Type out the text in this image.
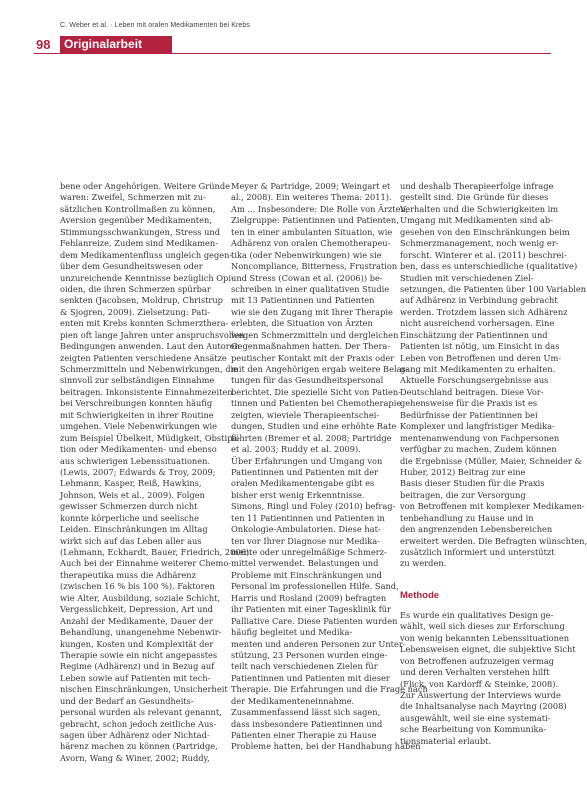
C. Weber et al. · Leben mit oralen Medikamenten bei Krebs
98	Originalarbeit
bene oder Angehörigen. Weitere Gründe
waren: Zweifel, Schmerzen mit zu-
sätzlichen Kontrollmaßen zu können,
Aversion gegenüber Medikamenten,
Stimmungsschwankungen, Stress und
Fehlanreize. Zudem sind Medikamen-
dem Medikamentenfluss ungleich gegen-
über dem Gesundheitswesen oder
unzureichende Kenntnisse bezüglich Opi-
oiden, die ihren Schmerzen spürbar
senkten (Jacobsen, Moldrup, Christrup
& Sjogren, 2009). Zielsetzung: Pati-
enten mit Krebs konnten Schmerzthera-
pien oft lange Jahren unter anspruchsvollen
Bedingungen anwenden. Laut den Autoren
zeigten Patienten verschiedene Ansätze
Schmerzmitteln und Nebenwirkungen, die
sinnvoll zur selbständigen Einnahme
beitragen. Inkonsistente Einnahmezeiten
bei Verschreibungen konnten häufig
mit Schwierigkeiten in ihrer Routine
umgehen. Viele Nebenwirkungen wie
zum Beispiel Übelkeit, Müdigkeit, Obstipa-
tion oder Medikamenten- und ebenso
aus schwierigen Lebenssituationen.
(Lewis, 2007; Edwards & Troy, 2009;
Lehmann, Kasper, Reiß, Hawkins,
Johnson, Weis et al., 2009). Folgen
gewisser Schmerzen durch nicht
konnte körperliche und seelische
Leiden. Einschränkungen im Alltag
wirkt sich auf das Leben aller aus
(Lehmann, Eckhardt, Bauer, Friedrich, 2006).
Auch bei der Einnahme weiterer Chemo-
therapeutika muss die Adhärenz
(zwischen 16 % bis 100 %). Faktoren
wie Alter, Ausbildung, soziale Schicht,
Vergesslichkeit, Depression, Art und
Anzahl der Medikamente, Dauer der
Behandlung, unangenehme Nebenwir-
kungen, Kosten und Komplexität der
Therapie sowie ein nicht angepasstes
Regime (Adhärenz) und in Bezug auf
Leben sowie auf Patienten mit tech-
nischen Einschränkungen, Unsicherheit
und der Bedarf an Gesundheits-
personal wurden als relevant genannt,
gebracht, schon jedoch zeitliche Aus-
sagen über Adhärenz oder Nichtad-
härenz machen zu können (Partridge,
Avorn, Wang & Winer, 2002; Ruddy,
Meyer & Partridge, 2009; Weingart et
al., 2008). Ein weiteres Thema: 2011).
Am ... Insbesondere: Die Rolle von Ärzten,
Zielgruppe: Patientinnen und Patienten,
ten in einer ambulanten Situation, wie
Adhärenz von oralen Chemotherapeu-
tika (oder Nebenwirkungen) wie sie
Noncompliance, Bitterness, Frustration
und Stress (Cowan et al. (2006)) be-
schreiben in einer qualitativen Studie
mit 13 Patientinnen und Patienten
wie sie den Zugang mit Ihrer Therapie
erlebten, die Situation von Ärzten
wegen Schmerzmitteln und dergleichen
Gegenmaßnahmen hatten. Der Thera-
peutischer Kontakt mit der Praxis oder
mit den Angehörigen ergab weitere Belas-
tungen für das Gesundheitspersonal
berichtet. Die spezielle Sicht von Patien-
tinnen und Patienten bei Chemotherapie
zeigten, wieviele Therapieentschei-
dungen, Studien und eine erhöhte Rate
führten (Bremer et al. 2008; Partridge
et al. 2003; Ruddy et al. 2009).
Über Erfahrungen und Umgang von
Patientinnen und Patienten mit der
oralen Medikamentengabe gibt es
bisher erst wenig Erkenntnisse.
Simons, Ringl und Foley (2010) befrag-
ten 11 Patientinnen und Patienten in
Onkologie-Ambulatorien. Diese hat-
ten vor Ihrer Diagnose nur Medika-
mente oder unregelmäßige Schmerz-
mittel verwendet. Belastungen und
Probleme mit Einschränkungen und
Personal im professionellen Hilfe. Sand,
Harris und Rosland (2009) befragten
ihr Patienten mit einer Tagesklinik für
Palliative Care. Diese Patienten wurden
häufig begleitet und Medika-
menten und anderen Personen zur Unter-
stützung, 23 Personen wurden einge-
teilt nach verschiedenen Zielen für
Patientinnen und Patienten mit dieser
Therapie. Die Erfahrungen und die Frage nach
der Medikamenteneinnahme.
Zusammenfassend lässt sich sagen,
dass insbesondere Patientinnen und
Patienten einer Therapie zu Hause
Probleme hatten, bei der Handhabung haben
und deshalb Therapieerfolge infrage
gestellt sind. Die Gründe für dieses
Verhalten und die Schwierigkeiten im
Umgang mit Medikamenten sind ab-
gesehen von den Einschränkungen beim
Schmerzmanagement, noch wenig er-
forscht. Winterer et al. (2011) beschrei-
ben, dass es unterschiedliche (qualitative)
Studien mit verschiedenen Ziel-
setzungen, die Patienten über 100 Variablen
auf Adhärenz in Verbindung gebracht
werden. Trotzdem lassen sich Adhärenz
nicht ausreichend vorhersagen. Eine
Einschätzung der Patientinnen und
Patienten ist nötig, um Einsicht in das
Leben von Betroffenen und deren Um-
gang mit Medikamenten zu erhalten.
Aktuelle Forschungsergebnisse aus
Deutschland beitragen. Diese Vor-
gehensweise für die Praxis ist es
Bedürfnisse der Patientinnen bei
Komplexer und langfristiger Medika-
mentenanwendung von Fachpersonen
verfügbar zu machen. Zudem können
die Ergebnisse (Müller, Maier, Schneider &
Huber, 2012) Beitrag zur eine
Basis dieser Studien für die Praxis
beitragen, die zur Versorgung
von Betroffenen mit komplexer Medikamen-
tenbehandlung zu Hause und in
den angrenzenden Lebensbereichen
erweitert werden. Die Befragten wünschten,
zusätzlich informiert und unterstützt
zu werden.
Methode
Es wurde ein qualitatives Design ge-
wählt, weil sich dieses zur Erforschung
von wenig bekannten Lebenssituationen
Lebensweisen eignet, die subjektive Sicht
von Betroffenen aufzuzeigen vermag
und deren Verhalten verstehen hilft
(Flick, von Kardorff & Steinke, 2008).
Zur Auswertung der Interviews wurde
die Inhaltsanalyse nach Mayring (2008)
ausgewählt, weil sie eine systemati-
sche Bearbeitung von Kommunika-
tionsmaterial erlaubt.
